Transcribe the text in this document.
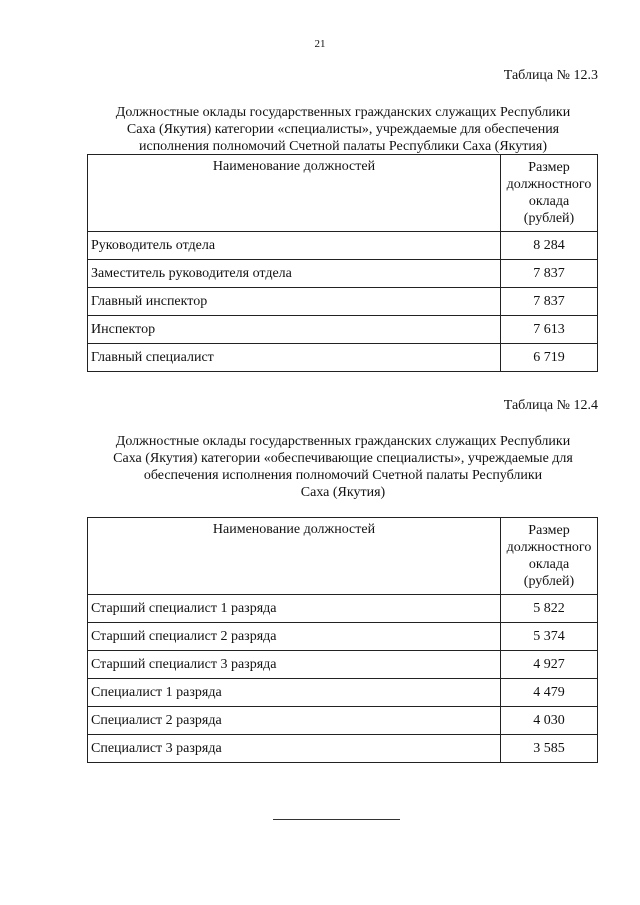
21
Таблица № 12.3
Должностные оклады государственных гражданских служащих Республики
Саха (Якутия) категории «специалисты», учреждаемые для обеспечения
исполнения полномочий Счетной палаты Республики Саха (Якутия)
Наименование должностей	Размер
должностного
оклада
(рублей)

Руководитель отдела	8 284
Заместитель руководителя отдела	7 837
Главный инспектор	7 837
Инспектор	7 613
Главный специалист	6 719
Таблица № 12.4
Должностные оклады государственных гражданских служащих Республики
Саха (Якутия) категории «обеспечивающие специалисты», учреждаемые для
обеспечения исполнения полномочий Счетной палаты Республики
Саха (Якутия)
Наименование должностей	Размер
должностного
оклада
(рублей)

Старший специалист 1 разряда	5 822
Старший специалист 2 разряда	5 374
Старший специалист 3 разряда	4 927
Специалист 1 разряда	4 479
Специалист 2 разряда	4 030
Специалист 3 разряда	3 585
